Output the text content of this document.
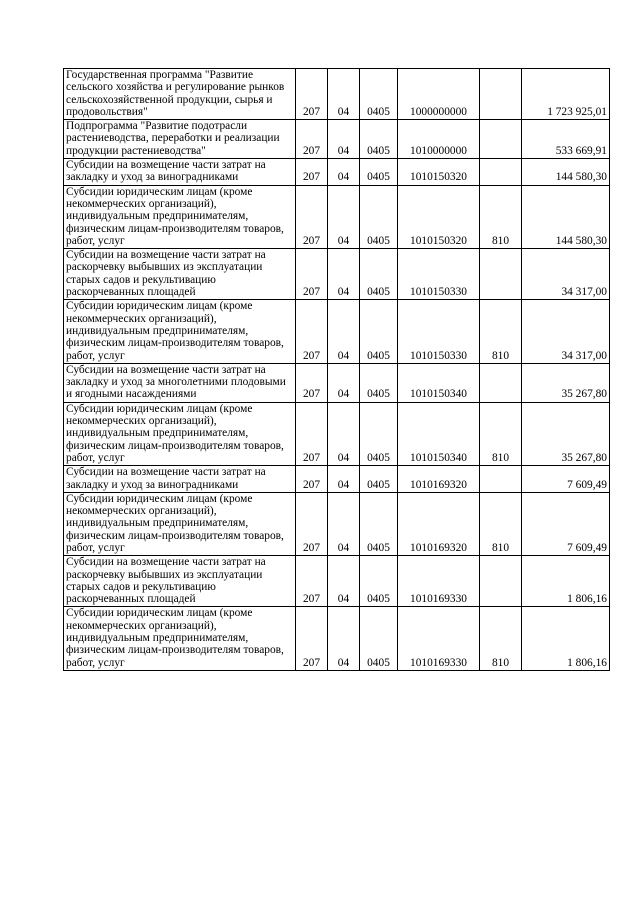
Государственная программа "Развитие сельского хозяйства и регулирование рынков сельскохозяйственной продукции, сырья и продовольствия"	207	04	0405	1000000000		1 723 925,01
Подпрограмма "Развитие подотрасли растениеводства, переработки и реализации продукции растениеводства"	207	04	0405	1010000000		533 669,91
Субсидии на возмещение части затрат на закладку и уход за виноградниками	207	04	0405	1010150320		144 580,30
Субсидии юридическим лицам (кроме некоммерческих организаций), индивидуальным предпринимателям, физическим лицам-производителям товаров, работ, услуг	207	04	0405	1010150320	810	144 580,30
Субсидии на возмещение части затрат на раскорчевку выбывших из эксплуатации старых садов и рекультивацию раскорчеванных площадей	207	04	0405	1010150330		34 317,00
Субсидии юридическим лицам (кроме некоммерческих организаций), индивидуальным предпринимателям, физическим лицам-производителям товаров, работ, услуг	207	04	0405	1010150330	810	34 317,00
Субсидии на возмещение части затрат на закладку и уход за многолетними плодовыми и ягодными насаждениями	207	04	0405	1010150340		35 267,80
Субсидии юридическим лицам (кроме некоммерческих организаций), индивидуальным предпринимателям, физическим лицам-производителям товаров, работ, услуг	207	04	0405	1010150340	810	35 267,80
Субсидии на возмещение части затрат на закладку и уход за виноградниками	207	04	0405	1010169320		7 609,49
Субсидии юридическим лицам (кроме некоммерческих организаций), индивидуальным предпринимателям, физическим лицам-производителям товаров, работ, услуг	207	04	0405	1010169320	810	7 609,49
Субсидии на возмещение части затрат на раскорчевку выбывших из эксплуатации старых садов и рекультивацию раскорчеванных площадей	207	04	0405	1010169330		1 806,16
Субсидии юридическим лицам (кроме некоммерческих организаций), индивидуальным предпринимателям, физическим лицам-производителям товаров, работ, услуг	207	04	0405	1010169330	810	1 806,16
